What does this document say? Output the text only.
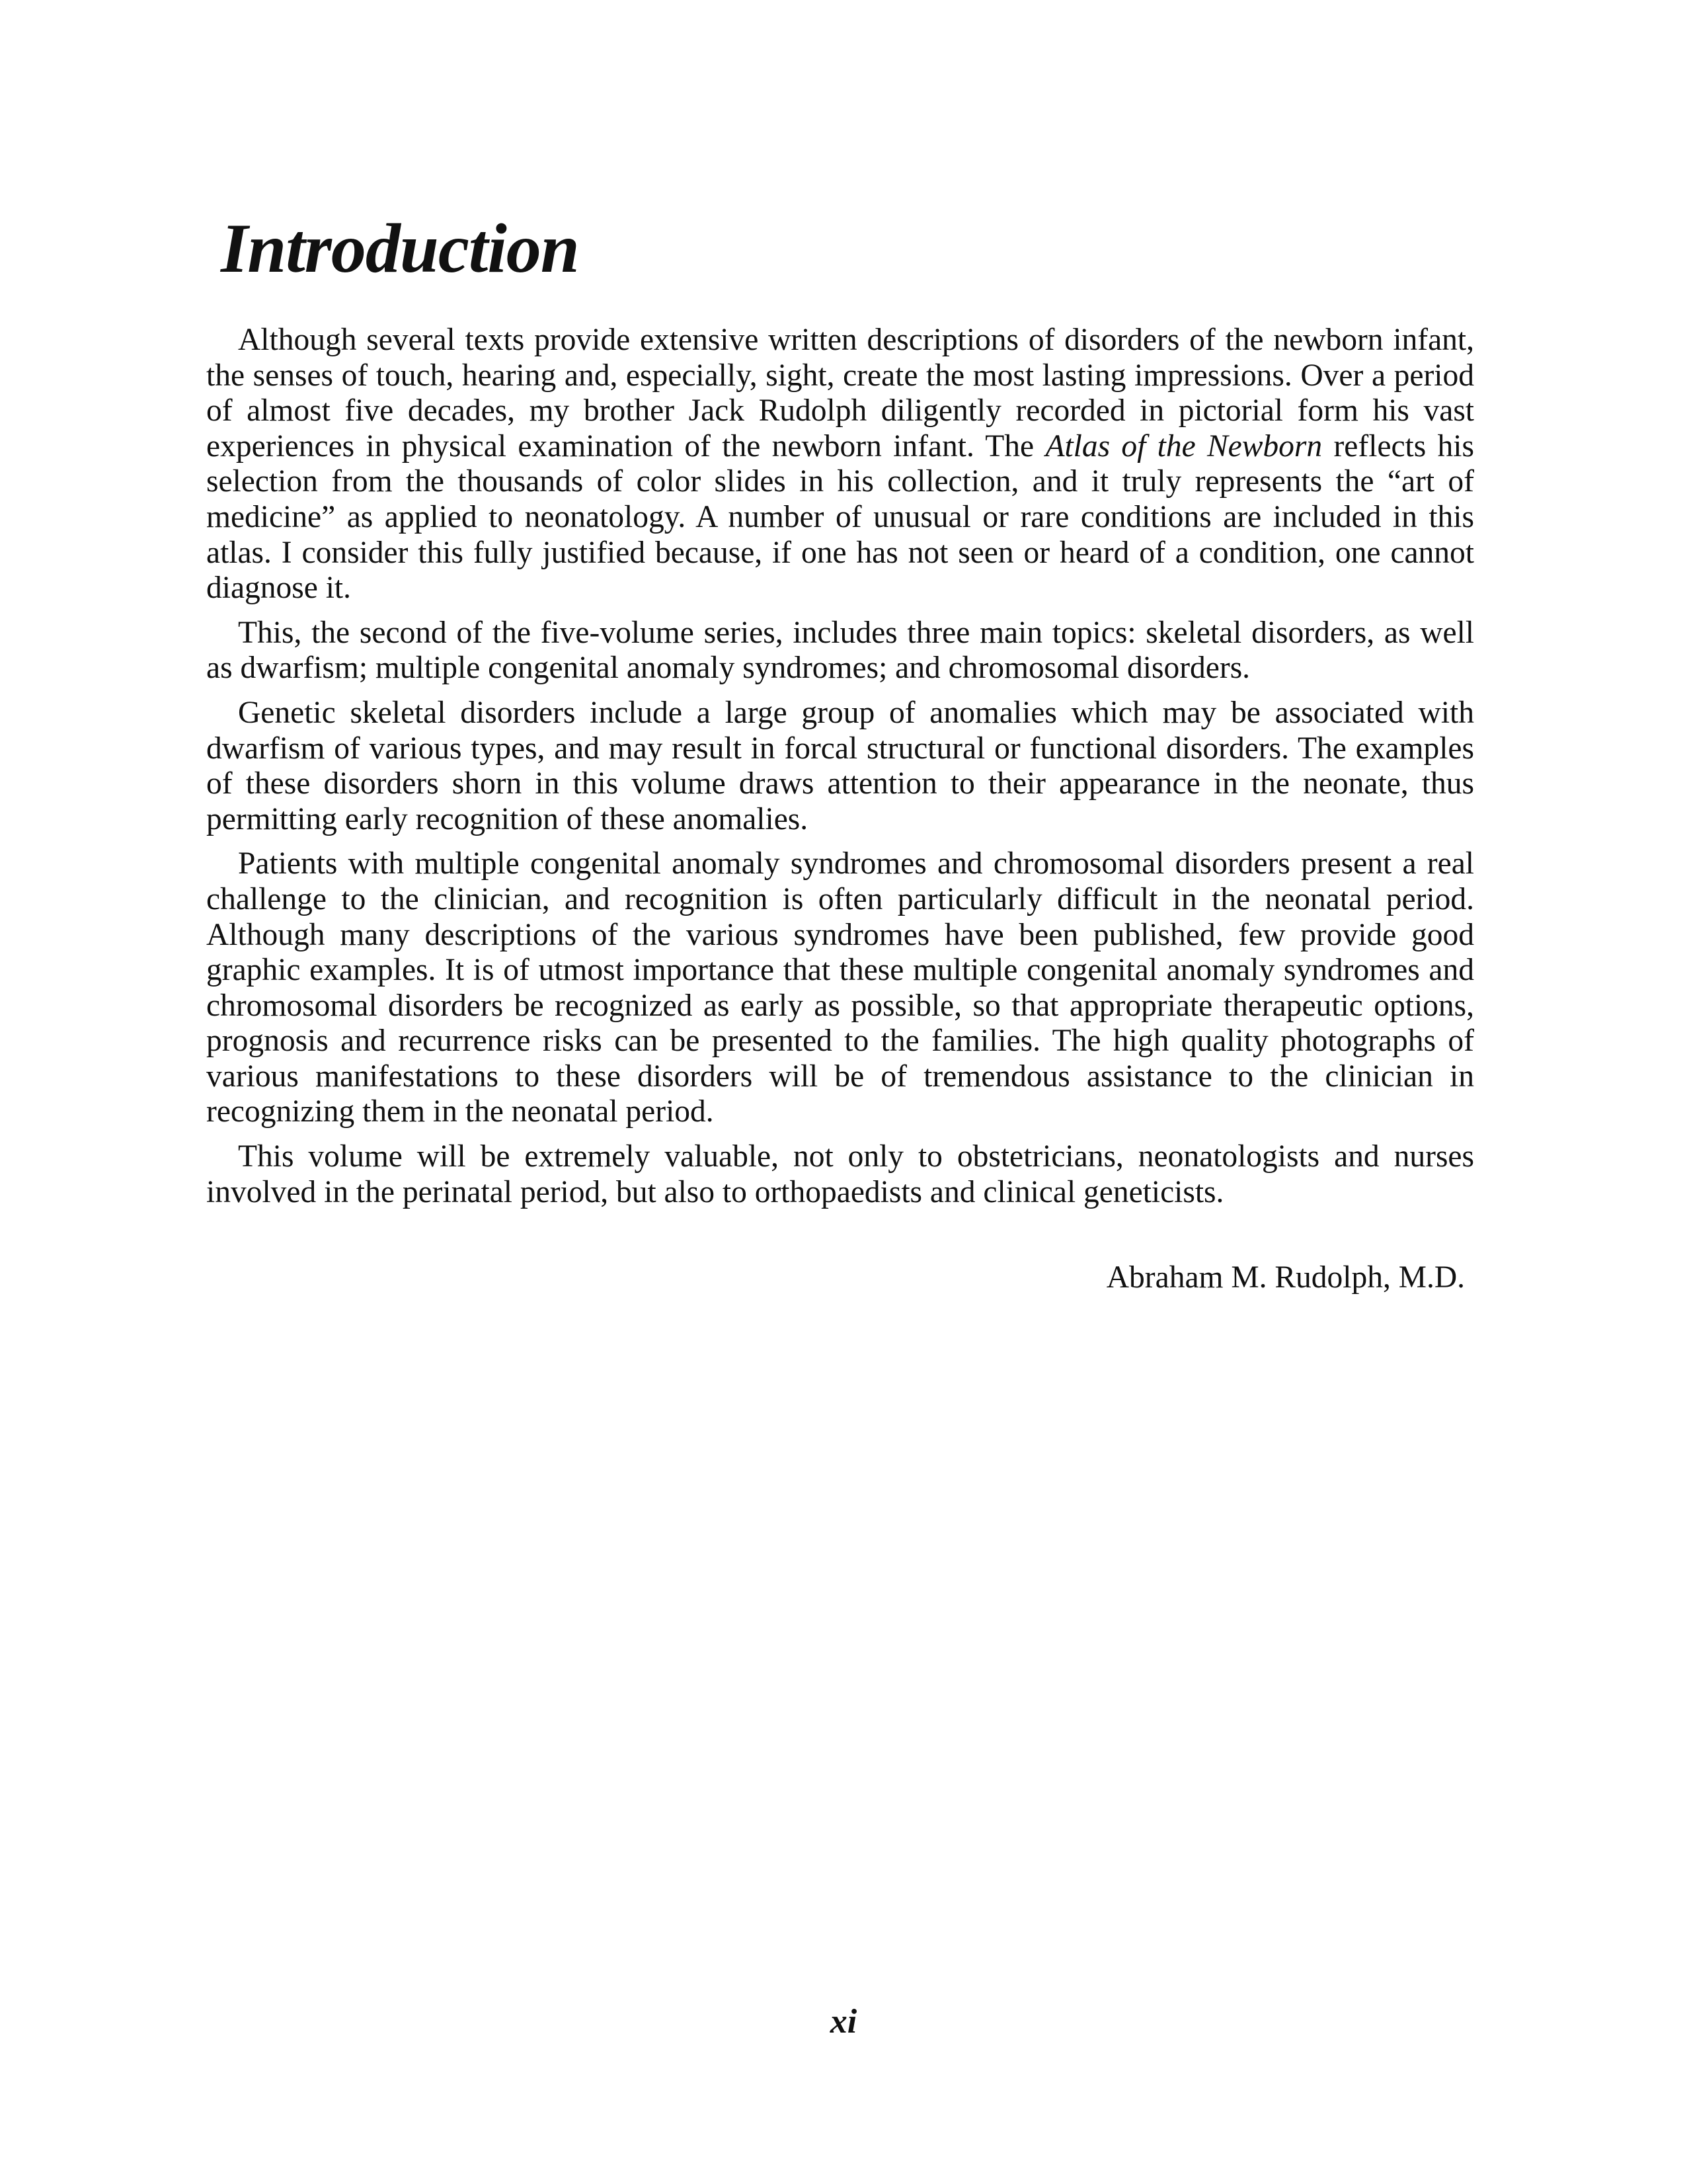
Introduction

Although several texts provide extensive written descriptions of disorders of the newborn infant, the senses of touch, hearing and, especially, sight, create the most lasting impressions. Over a period of almost five decades, my brother Jack Rudolph diligently recorded in pictorial form his vast experiences in physical examination of the newborn infant. The Atlas of the Newborn reflects his selection from the thousands of color slides in his collection, and it truly represents the “art of medicine” as applied to neonatology. A number of unusual or rare conditions are included in this atlas. I consider this fully justified because, if one has not seen or heard of a condition, one cannot diagnose it.

This, the second of the five-volume series, includes three main topics: skeletal disorders, as well as dwarfism; multiple congenital anomaly syndromes; and chromosomal disorders.

Genetic skeletal disorders include a large group of anomalies which may be associated with dwarfism of various types, and may result in forcal structural or functional disorders. The examples of these disorders shorn in this volume draws attention to their appearance in the neonate, thus permitting early recognition of these anomalies.

Patients with multiple congenital anomaly syndromes and chromosomal disorders present a real challenge to the clinician, and recognition is often particularly difficult in the neonatal period. Although many descriptions of the various syndromes have been published, few provide good graphic examples. It is of utmost importance that these multiple congenital anomaly syndromes and chromosomal disorders be recognized as early as possible, so that appropriate therapeutic options, prognosis and recurrence risks can be presented to the families. The high quality photographs of various manifestations to these disorders will be of tremendous assistance to the clinician in recognizing them in the neonatal period.

This volume will be extremely valuable, not only to obstetricians, neonatologists and nurses involved in the perinatal period, but also to orthopaedists and clinical geneticists.

Abraham M. Rudolph, M.D.

xi
